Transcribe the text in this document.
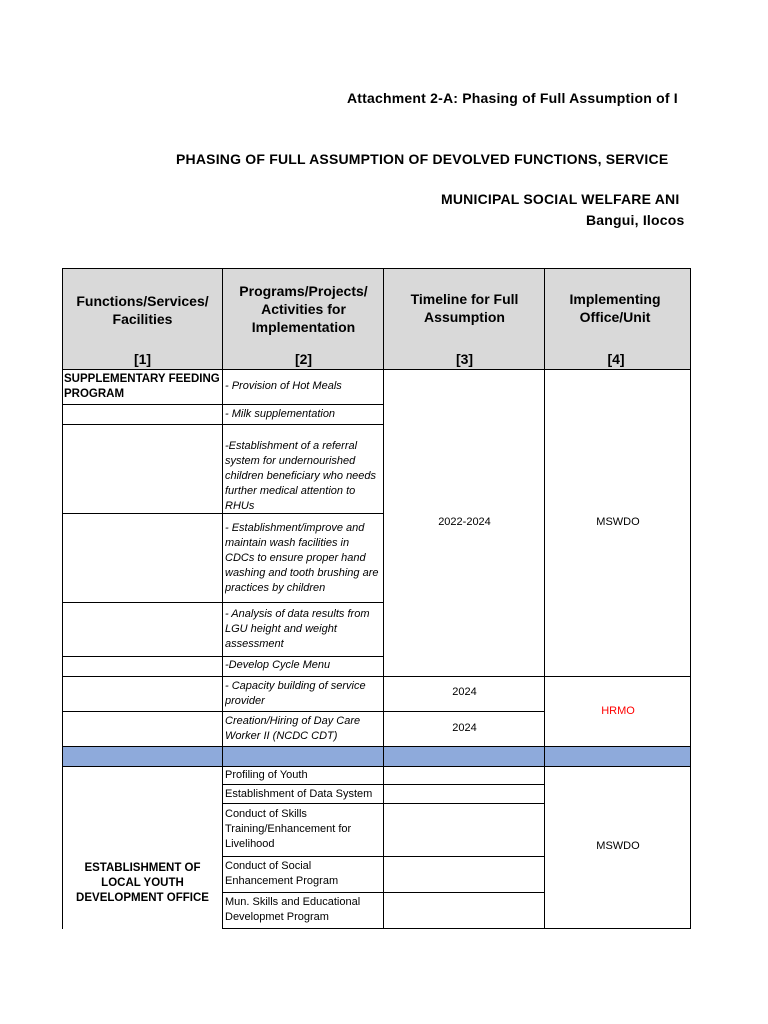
Attachment 2-A: Phasing of Full Assumption of I
PHASING OF FULL ASSUMPTION OF DEVOLVED FUNCTIONS, SERVICE
MUNICIPAL SOCIAL WELFARE ANI
Bangui, Ilocos
Functions/Services/ Facilities
[1]
Programs/Projects/ Activities for Implementation
[2]
Timeline for Full Assumption
[3]
Implementing Office/Unit
[4]
SUPPLEMENTARY FEEDING PROGRAM
- Provision of Hot Meals
- Milk supplementation
-Establishment of a referral system for undernourished children beneficiary who needs further medical attention to RHUs
- Establishment/improve and maintain wash facilities in CDCs to ensure proper hand washing and tooth brushing are practices by children
- Analysis of data results from LGU height and weight assessment
-Develop Cycle Menu
2022-2024	MSWDO
- Capacity building of service provider
Creation/Hiring of Day Care Worker II (NCDC CDT)
2024
2024
HRMO
ESTABLISHMENT OF LOCAL YOUTH DEVELOPMENT OFFICE
Profiling of Youth
Establishment of Data System
Conduct of Skills Training/Enhancement for Livelihood
Conduct of Social Enhancement Program
Mun. Skills and Educational Developmet Program
MSWDO
